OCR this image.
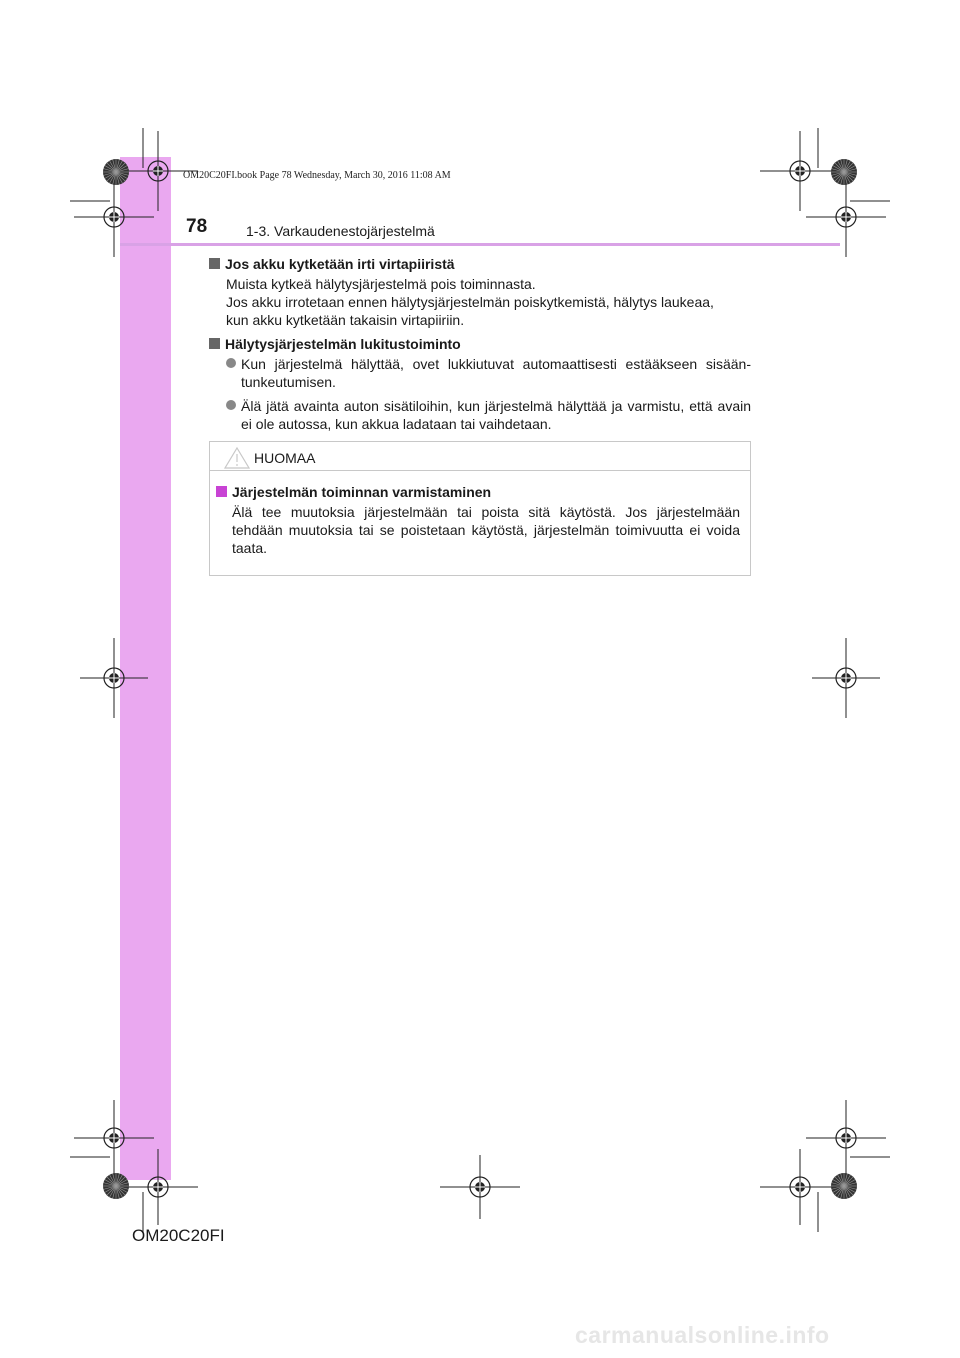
OM20C20FI.book Page 78 Wednesday, March 30, 2016 11:08 AM
78	1-3. Varkaudenestojärjestelmä
Jos akku kytketään irti virtapiiristä
Muista kytkeä hälytysjärjestelmä pois toiminnasta.
Jos akku irrotetaan ennen hälytysjärjestelmän poiskytkemistä, hälytys laukeaa,
kun akku kytketään takaisin virtapiiriin.
Hälytysjärjestelmän lukitustoiminto
Kun järjestelmä hälyttää, ovet lukkiutuvat automaattisesti estääkseen sisään-tunkeutumisen.
Älä jätä avainta auton sisätiloihin, kun järjestelmä hälyttää ja varmistu, että avain ei ole autossa, kun akkua ladataan tai vaihdetaan.
HUOMAA
Järjestelmän toiminnan varmistaminen
Älä tee muutoksia järjestelmään tai poista sitä käytöstä. Jos järjestelmään tehdään muutoksia tai se poistetaan käytöstä, järjestelmän toimivuutta ei voida taata.
OM20C20FI
carmanualsonline.info
